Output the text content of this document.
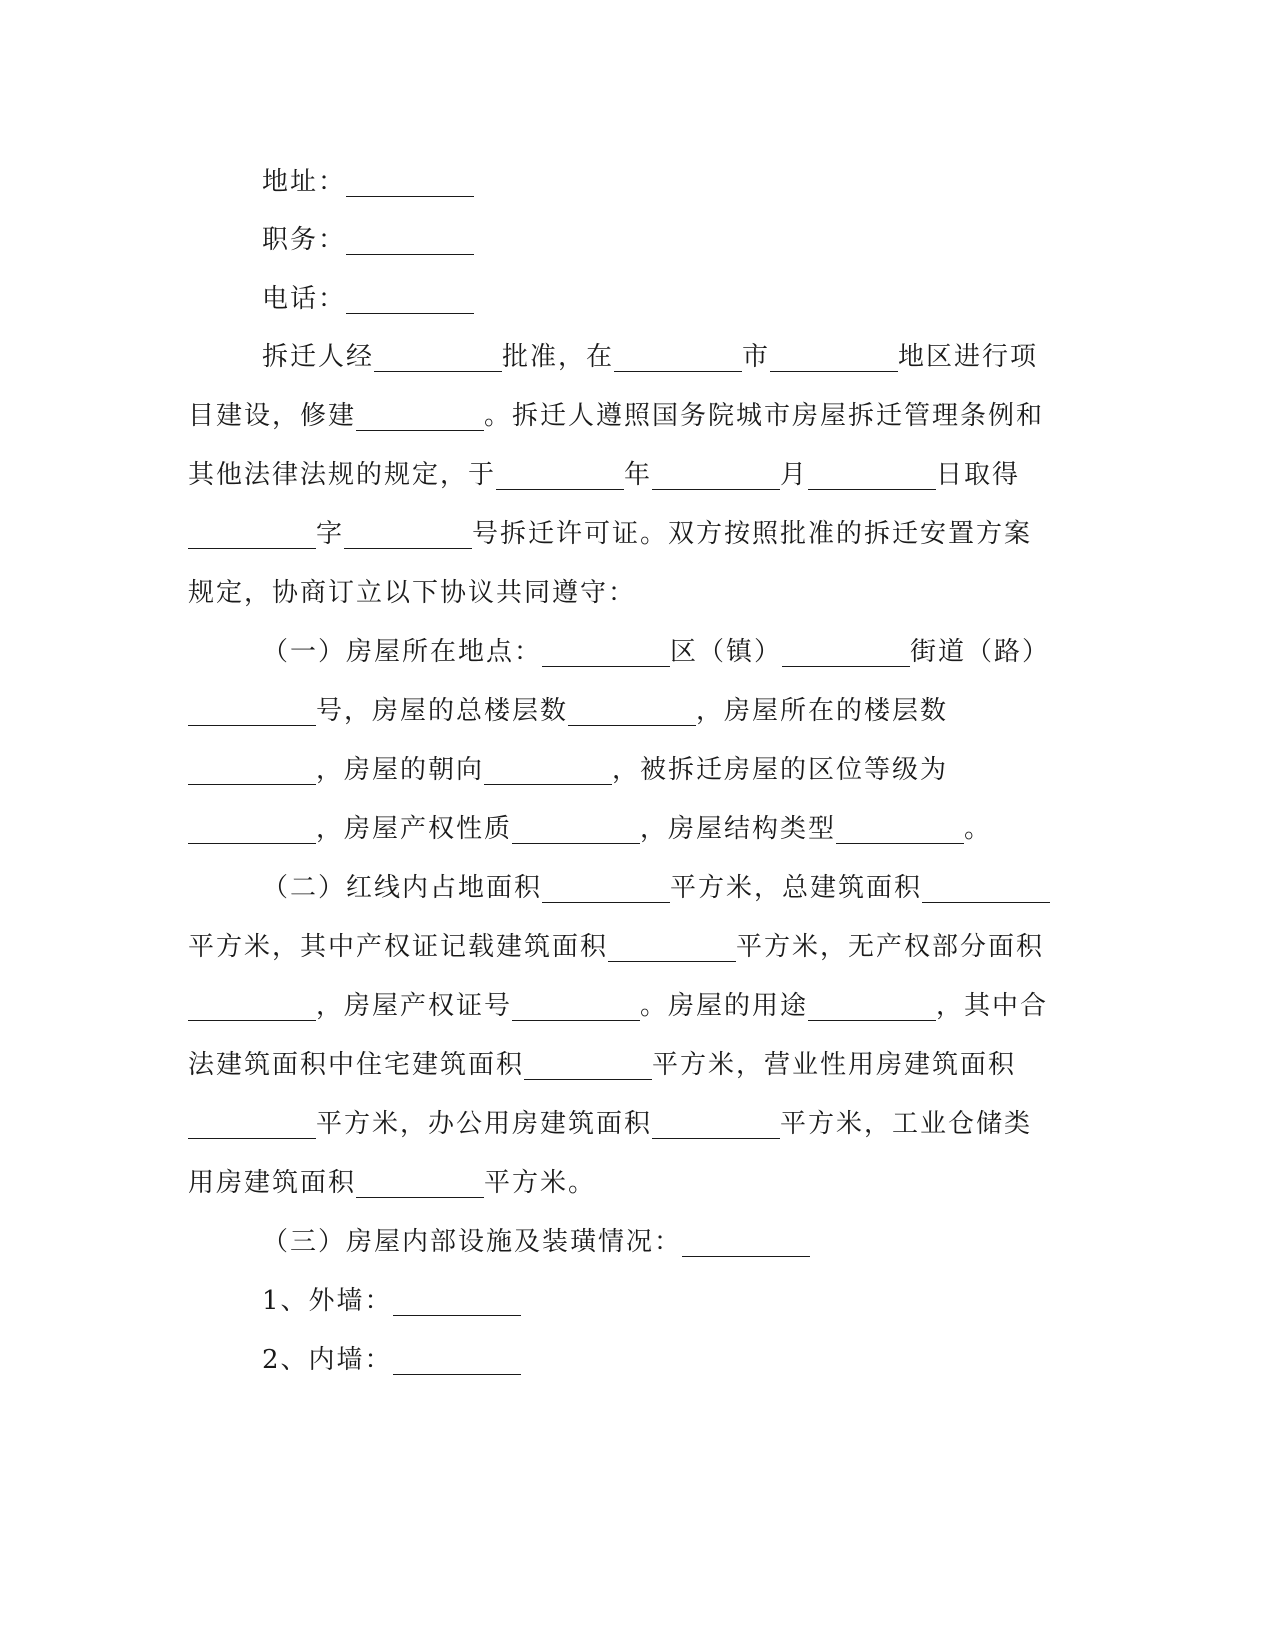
地址：
职务：
电话：
拆迁人经	批准，在	市	地区进行项
目建设，修建	。拆迁人遵照国务院城市房屋拆迁管理条例和
其他法律法规的规定，于	年	月	日取得
字	号拆迁许可证。双方按照批准的拆迁安置方案
规定，协商订立以下协议共同遵守：
（一）房屋所在地点：	区（镇）	街道（路）
号，房屋的总楼层数	，房屋所在的楼层数
，房屋的朝向	，被拆迁房屋的区位等级为
，房屋产权性质	，房屋结构类型	。
（二）红线内占地面积	平方米，总建筑面积
平方米，其中产权证记载建筑面积	平方米，无产权部分面积
，房屋产权证号	。房屋的用途	，其中合
法建筑面积中住宅建筑面积	平方米，营业性用房建筑面积
平方米，办公用房建筑面积	平方米，工业仓储类
用房建筑面积	平方米。
（三）房屋内部设施及装璜情况：
1、外墙：
2、内墙：
